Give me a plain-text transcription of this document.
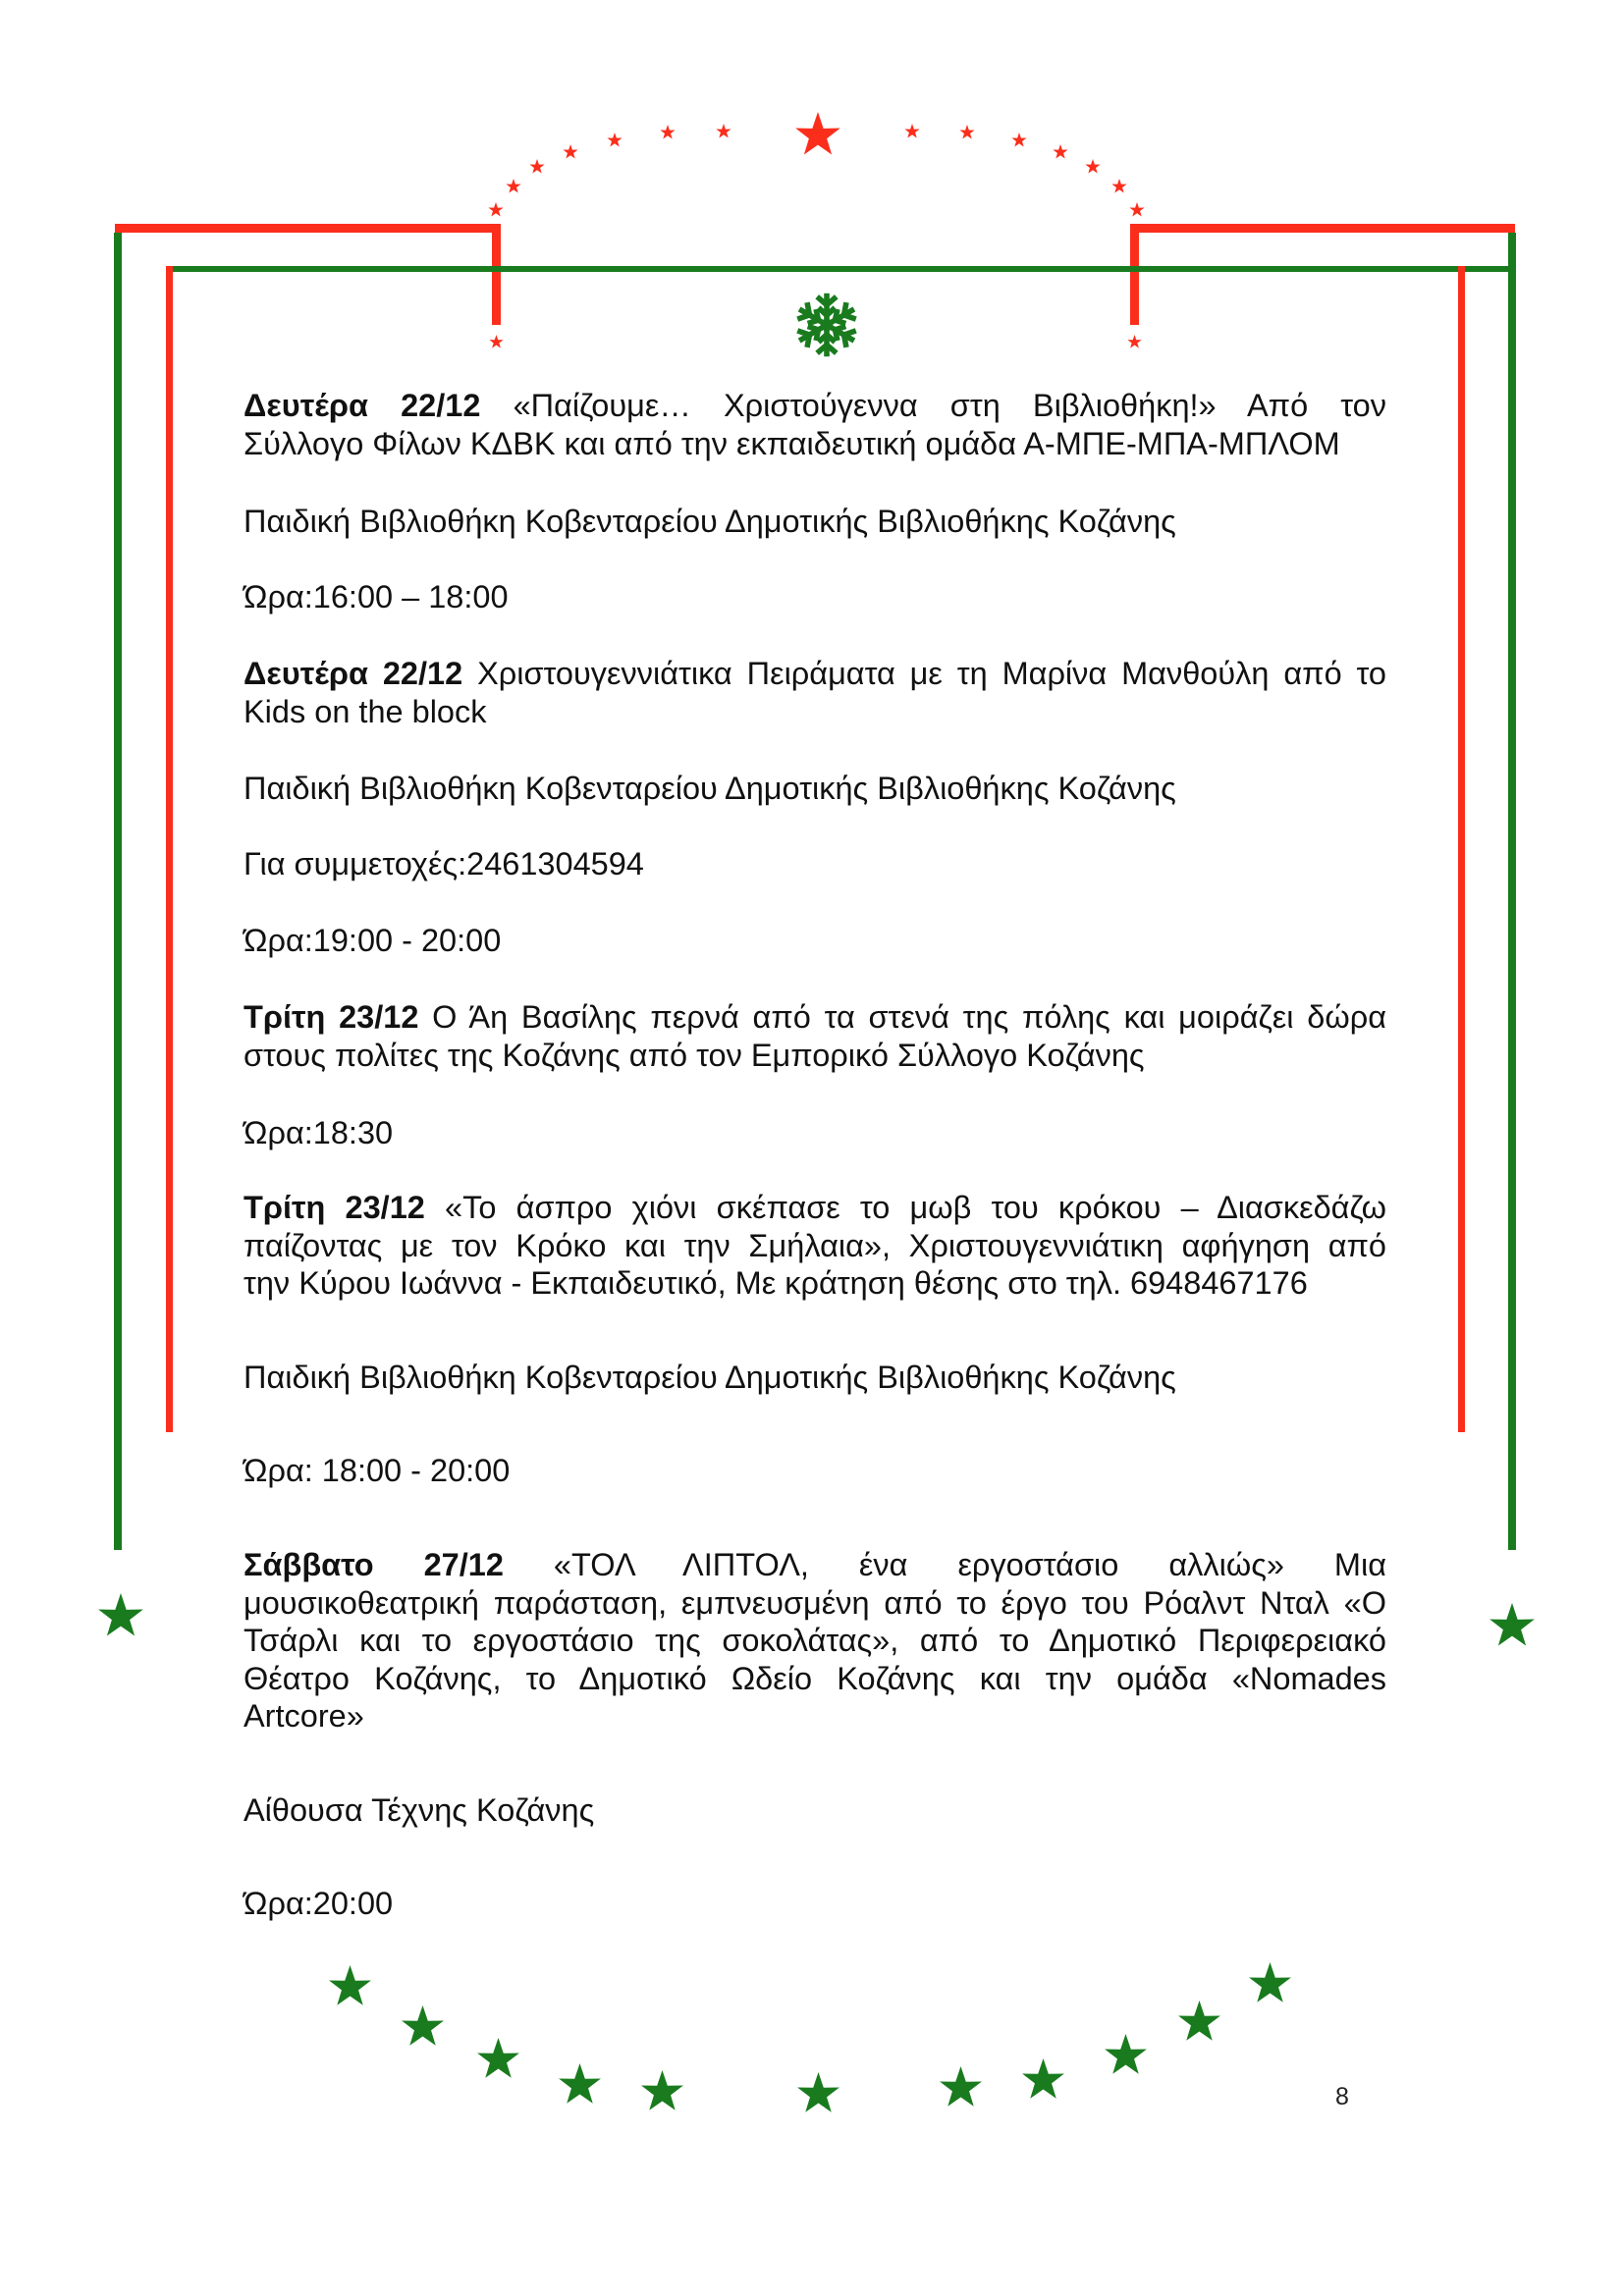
Δευτέρα 22/12 «Παίζουμε… Χριστούγεννα στη Βιβλιοθήκη!» Από τον
Σύλλογο Φίλων ΚΔΒΚ και από την εκπαιδευτική ομάδα Α-ΜΠΕ-ΜΠΑ-ΜΠΛΟΜ
Παιδική Βιβλιοθήκη Κοβενταρείου Δημοτικής Βιβλιοθήκης Κοζάνης
Ώρα:16:00 – 18:00
Δευτέρα 22/12 Χριστουγεννιάτικα Πειράματα με τη Μαρίνα Μανθούλη από το
Kids on the block
Παιδική Βιβλιοθήκη Κοβενταρείου Δημοτικής Βιβλιοθήκης Κοζάνης
Για συμμετοχές:2461304594
Ώρα:19:00 - 20:00
Τρίτη 23/12 Ο Άη Βασίλης περνά από τα στενά της πόλης και μοιράζει δώρα
στους πολίτες της Κοζάνης από τον Εμπορικό Σύλλογο Κοζάνης
Ώρα:18:30
Τρίτη 23/12 «Το άσπρο χιόνι σκέπασε το μωβ του κρόκου – Διασκεδάζω
παίζοντας με τον Κρόκο και την Σμήλαια», Χριστουγεννιάτικη αφήγηση από
την Κύρου Ιωάννα - Εκπαιδευτικό, Με κράτηση θέσης στο τηλ. 6948467176
Παιδική Βιβλιοθήκη Κοβενταρείου Δημοτικής Βιβλιοθήκης Κοζάνης
Ώρα: 18:00 - 20:00
Σάββατο 27/12 «ΤΟΛ ΛΙΠΤΟΛ, ένα εργοστάσιο αλλιώς» Μια
μουσικοθεατρική παράσταση, εμπνευσμένη από το έργο του Ρόαλντ Νταλ «Ο
Τσάρλι και το εργοστάσιο της σοκολάτας», από το Δημοτικό Περιφερειακό
Θέατρο Κοζάνης, το Δημοτικό Ωδείο Κοζάνης και την ομάδα «Nomades
Artcore»
Αίθουσα Τέχνης Κοζάνης
Ώρα:20:00
8
